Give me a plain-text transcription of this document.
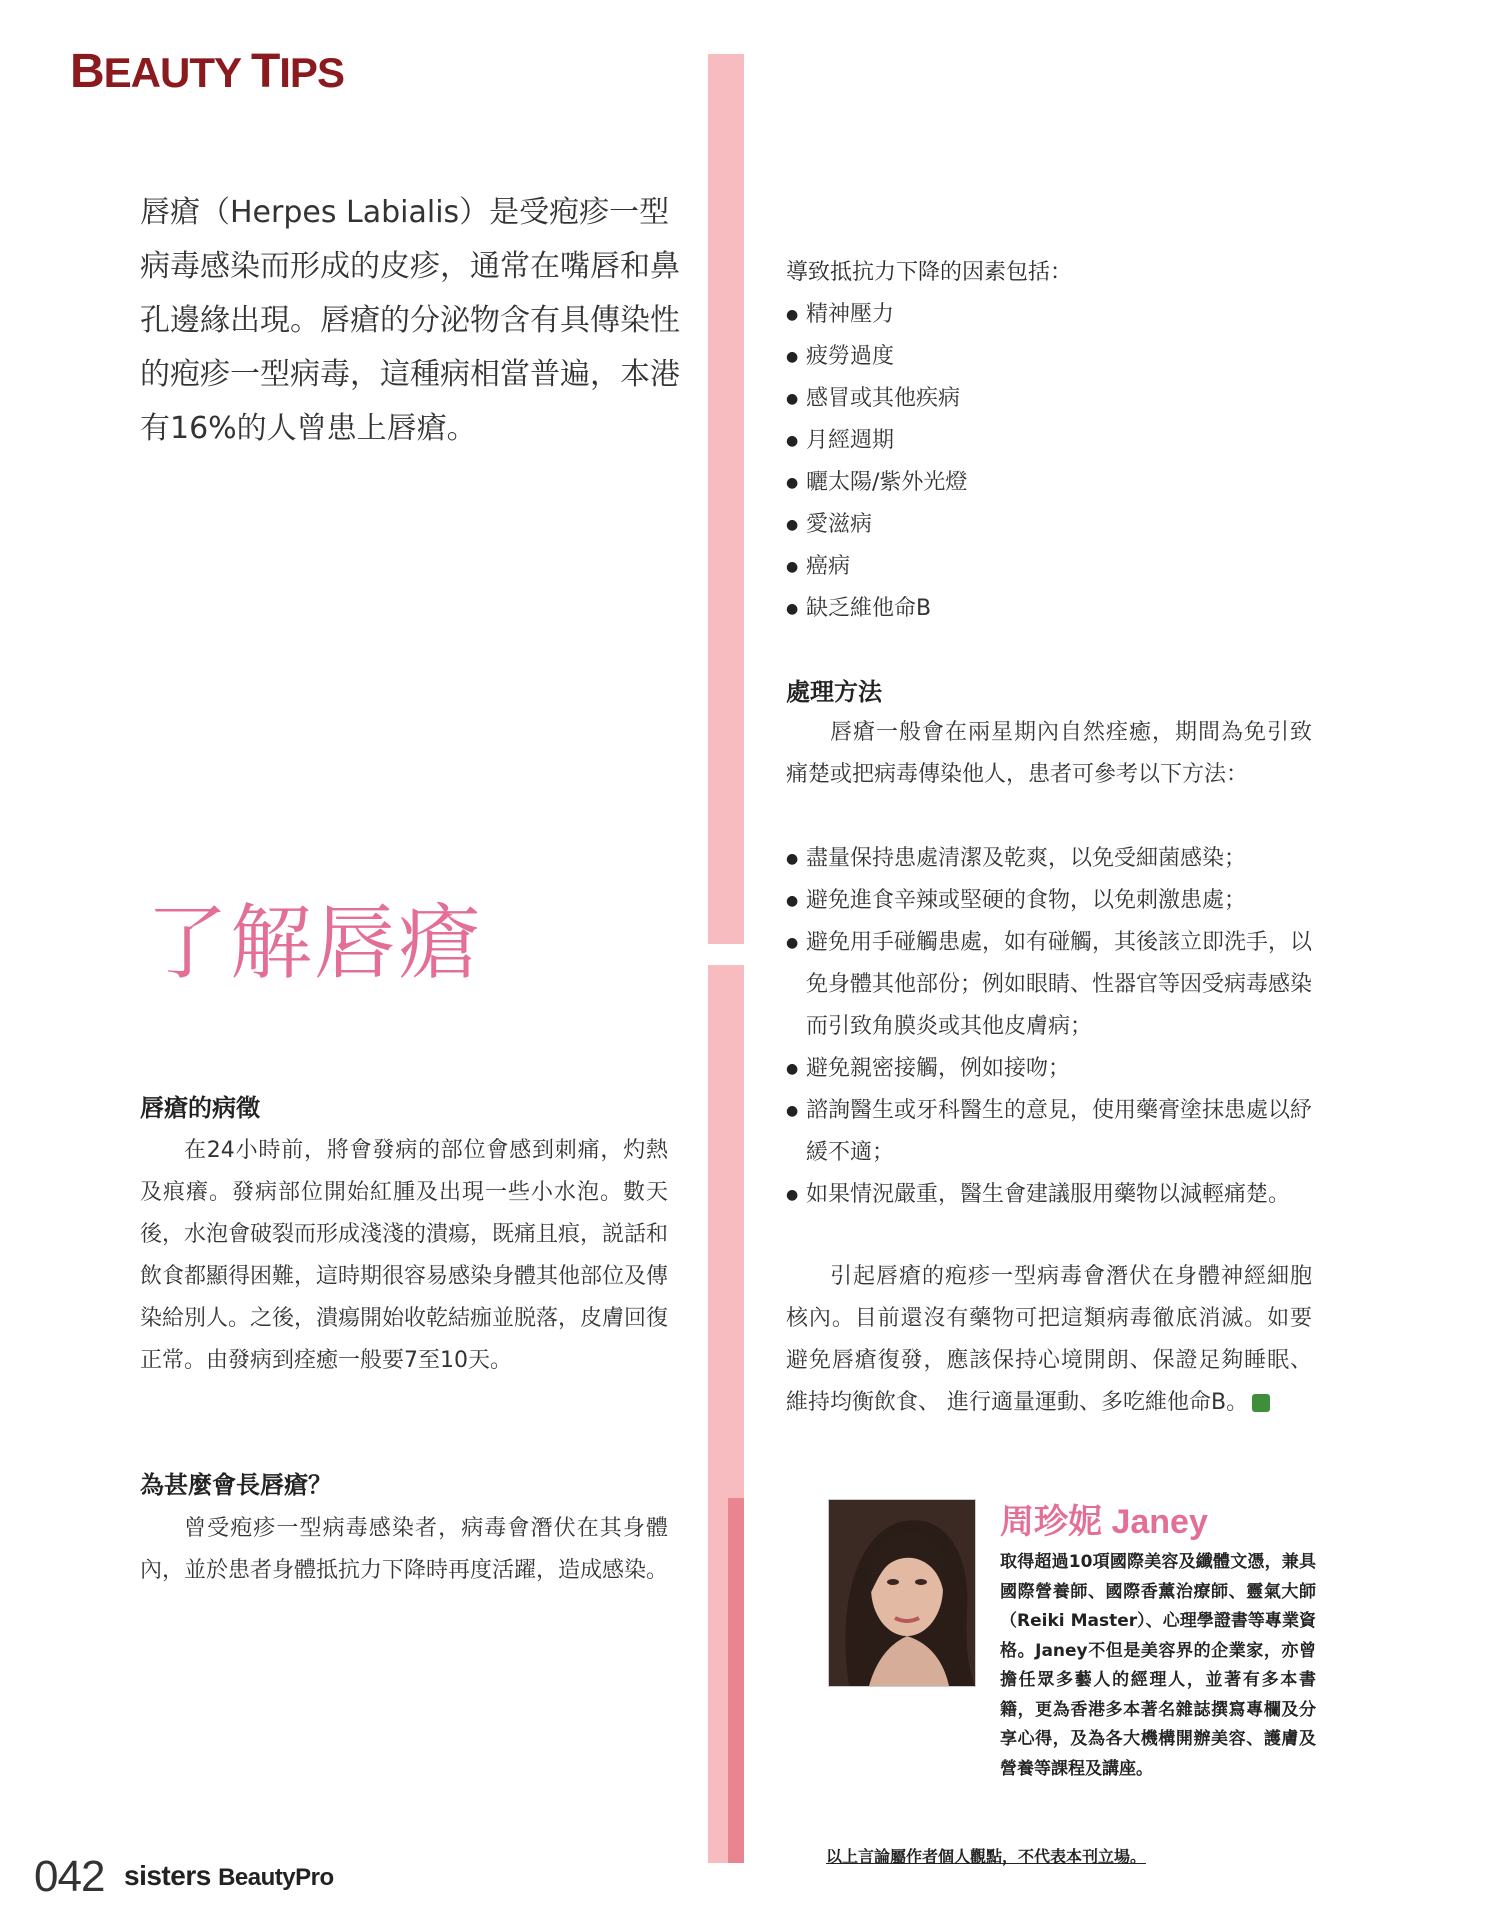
BEAUTY TIPS
唇瘡（Herpes Labialis）是受疱疹一型病毒感染而形成的皮疹，通常在嘴唇和鼻孔邊緣出現。唇瘡的分泌物含有具傳染性的疱疹一型病毒，這種病相當普遍，本港有16%的人曾患上唇瘡。
了解唇瘡
唇瘡的病徵
在24小時前，將會發病的部位會感到刺痛，灼熱及痕癢。發病部位開始紅腫及出現一些小水泡。數天後，水泡會破裂而形成淺淺的潰瘍，既痛且痕，説話和飲食都顯得困難，這時期很容易感染身體其他部位及傳染給別人。之後，潰瘍開始收乾結痂並脱落，皮膚回復正常。由發病到痊癒一般要7至10天。
為甚麼會長唇瘡？
曾受疱疹一型病毒感染者，病毒會潛伏在其身體內，並於患者身體抵抗力下降時再度活躍，造成感染。
導致抵抗力下降的因素包括：
● 精神壓力
● 疲勞過度
● 感冒或其他疾病
● 月經週期
● 曬太陽/紫外光燈
● 愛滋病
● 癌病
● 缺乏維他命B
處理方法
唇瘡一般會在兩星期內自然痊癒，期間為免引致痛楚或把病毒傳染他人，患者可參考以下方法：
● 盡量保持患處清潔及乾爽，以免受細菌感染；
● 避免進食辛辣或堅硬的食物，以免刺激患處；
● 避免用手碰觸患處，如有碰觸，其後該立即洗手，以免身體其他部份；例如眼睛、性器官等因受病毒感染而引致角膜炎或其他皮膚病；
● 避免親密接觸，例如接吻；
● 諮詢醫生或牙科醫生的意見，使用藥膏塗抹患處以紓緩不適；
● 如果情況嚴重，醫生會建議服用藥物以減輕痛楚。
引起唇瘡的疱疹一型病毒會潛伏在身體神經細胞核內。目前還沒有藥物可把這類病毒徹底消滅。如要避免唇瘡復發，應該保持心境開朗、保證足夠睡眠、維持均衡飲食、 進行適量運動、多吃維他命B。	S
周珍妮 Janey
取得超過10項國際美容及纖體文憑，兼具國際營養師、國際香薰治療師、靈氣大師（Reiki Master）、心理學證書等專業資格。Janey不但是美容界的企業家，亦曾擔任眾多藝人的經理人，並著有多本書籍，更為香港多本著名雜誌撰寫專欄及分享心得，及為各大機構開辦美容、護膚及營養等課程及講座。
以上言論屬作者個人觀點，不代表本刊立場。
042 sisters BeautyPro
